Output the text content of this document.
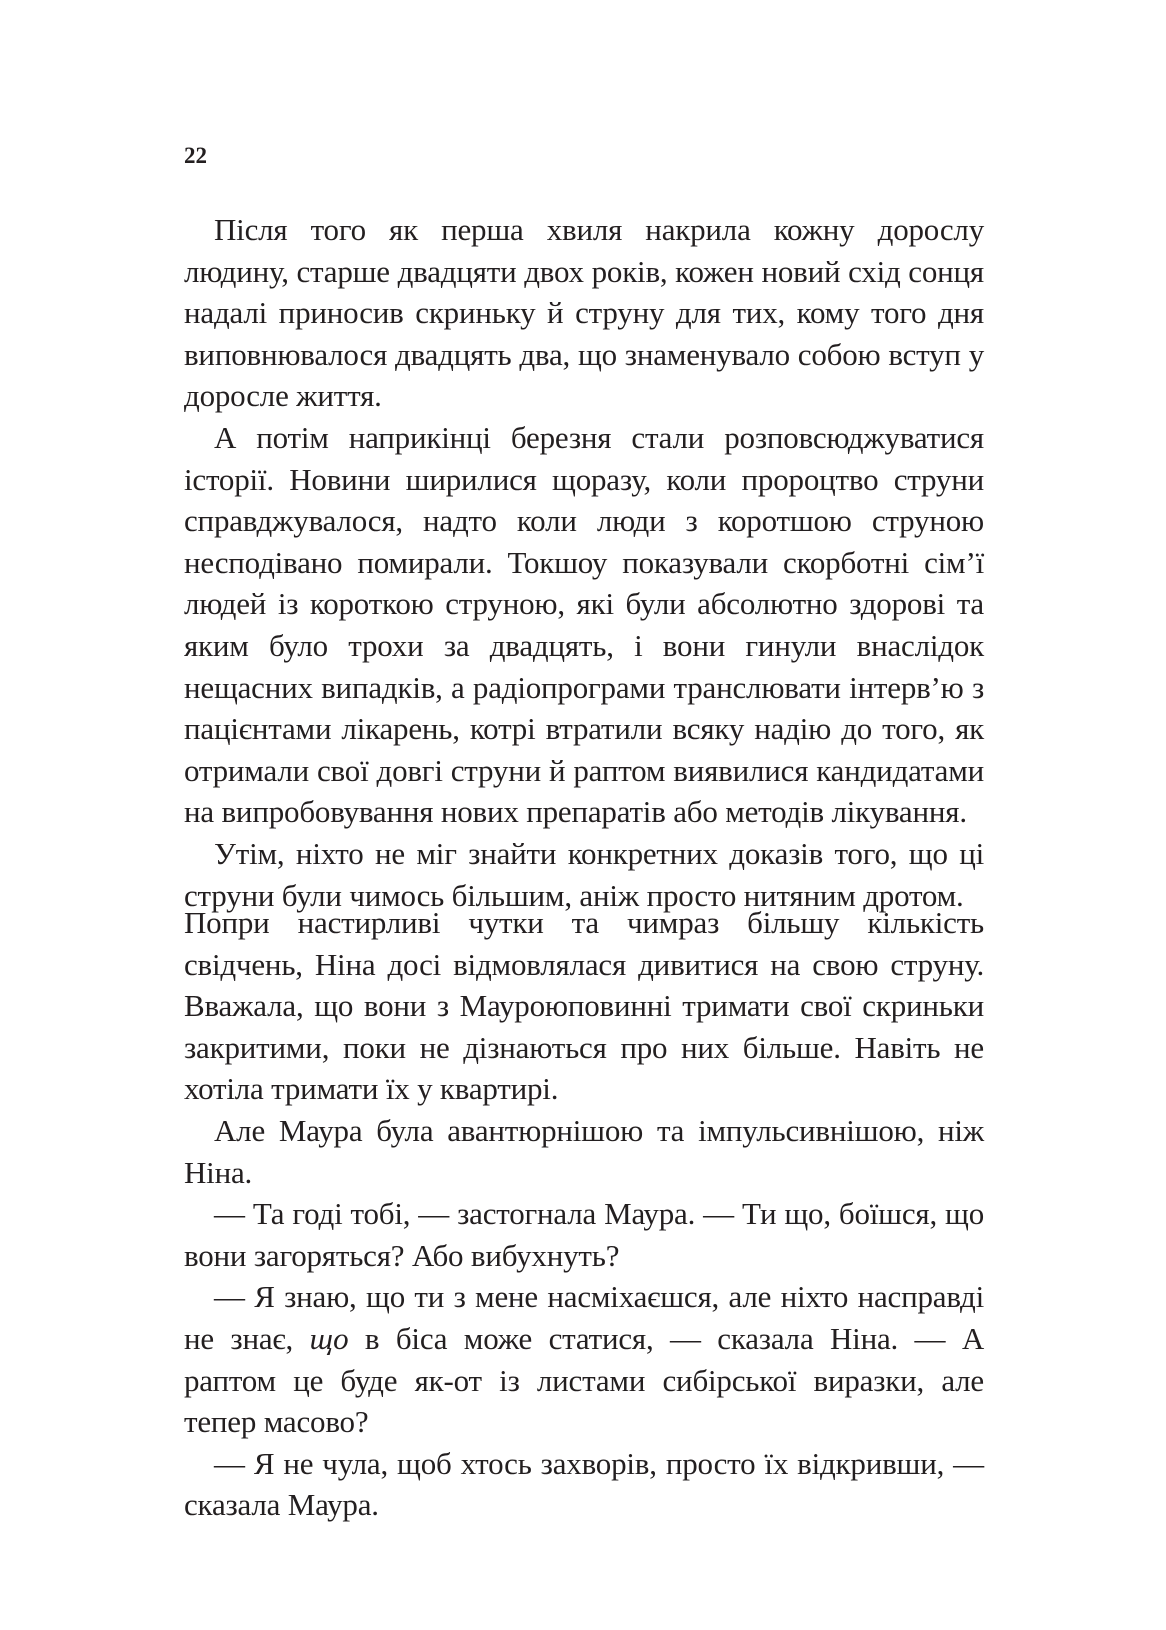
22

Після того як перша хвиля накрила кожну дорослу людину, старше двадцяти двох років, кожен новий схід сонця надалі приносив скриньку й струну для тих, кому того дня виповнювалося двадцять два, що знаменувало собою вступ у доросле життя.

А потім наприкінці березня стали розповсюджуватися історії. Новини ширилися щоразу, коли пророцтво струни справджувалося, надто коли люди з коротшою струною несподівано помирали. Токшоу показували скорботні сім’ї людей із короткою струною, які були абсолютно здорові та яким було трохи за двадцять, і вони гинули внаслідок нещасних випадків, а радіопрограми транслювати інтерв’ю з пацієнтами лікарень, котрі втратили всяку надію до того, як отримали свої довгі струни й раптом виявилися кандидатами на випробовування нових препаратів або методів лікування.

Утім, ніхто не міг знайти конкретних доказів того, що ці струни були чимось більшим, аніж просто нитяним дротом.

Попри настирливі чутки та чимраз більшу кількість свідчень, Ніна досі відмовлялася дивитися на свою струну. Вважала, що вони з Мауроюповинні тримати свої скриньки закритими, поки не дізнаються про них більше. Навіть не хотіла тримати їх у квартирі.

Але Маура була авантюрнішою та імпульсивнішою, ніж Ніна.

— Та годі тобі, — застогнала Маура. — Ти що, боїшся, що вони загоряться? Або вибухнуть?

— Я знаю, що ти з мене насміхаєшся, але ніхто насправді не знає, що в біса може статися, — сказала Ніна. — А раптом це буде як-от із листами сибірської виразки, але тепер масово?

— Я не чула, щоб хтось захворів, просто їх відкривши, — сказала Маура.
